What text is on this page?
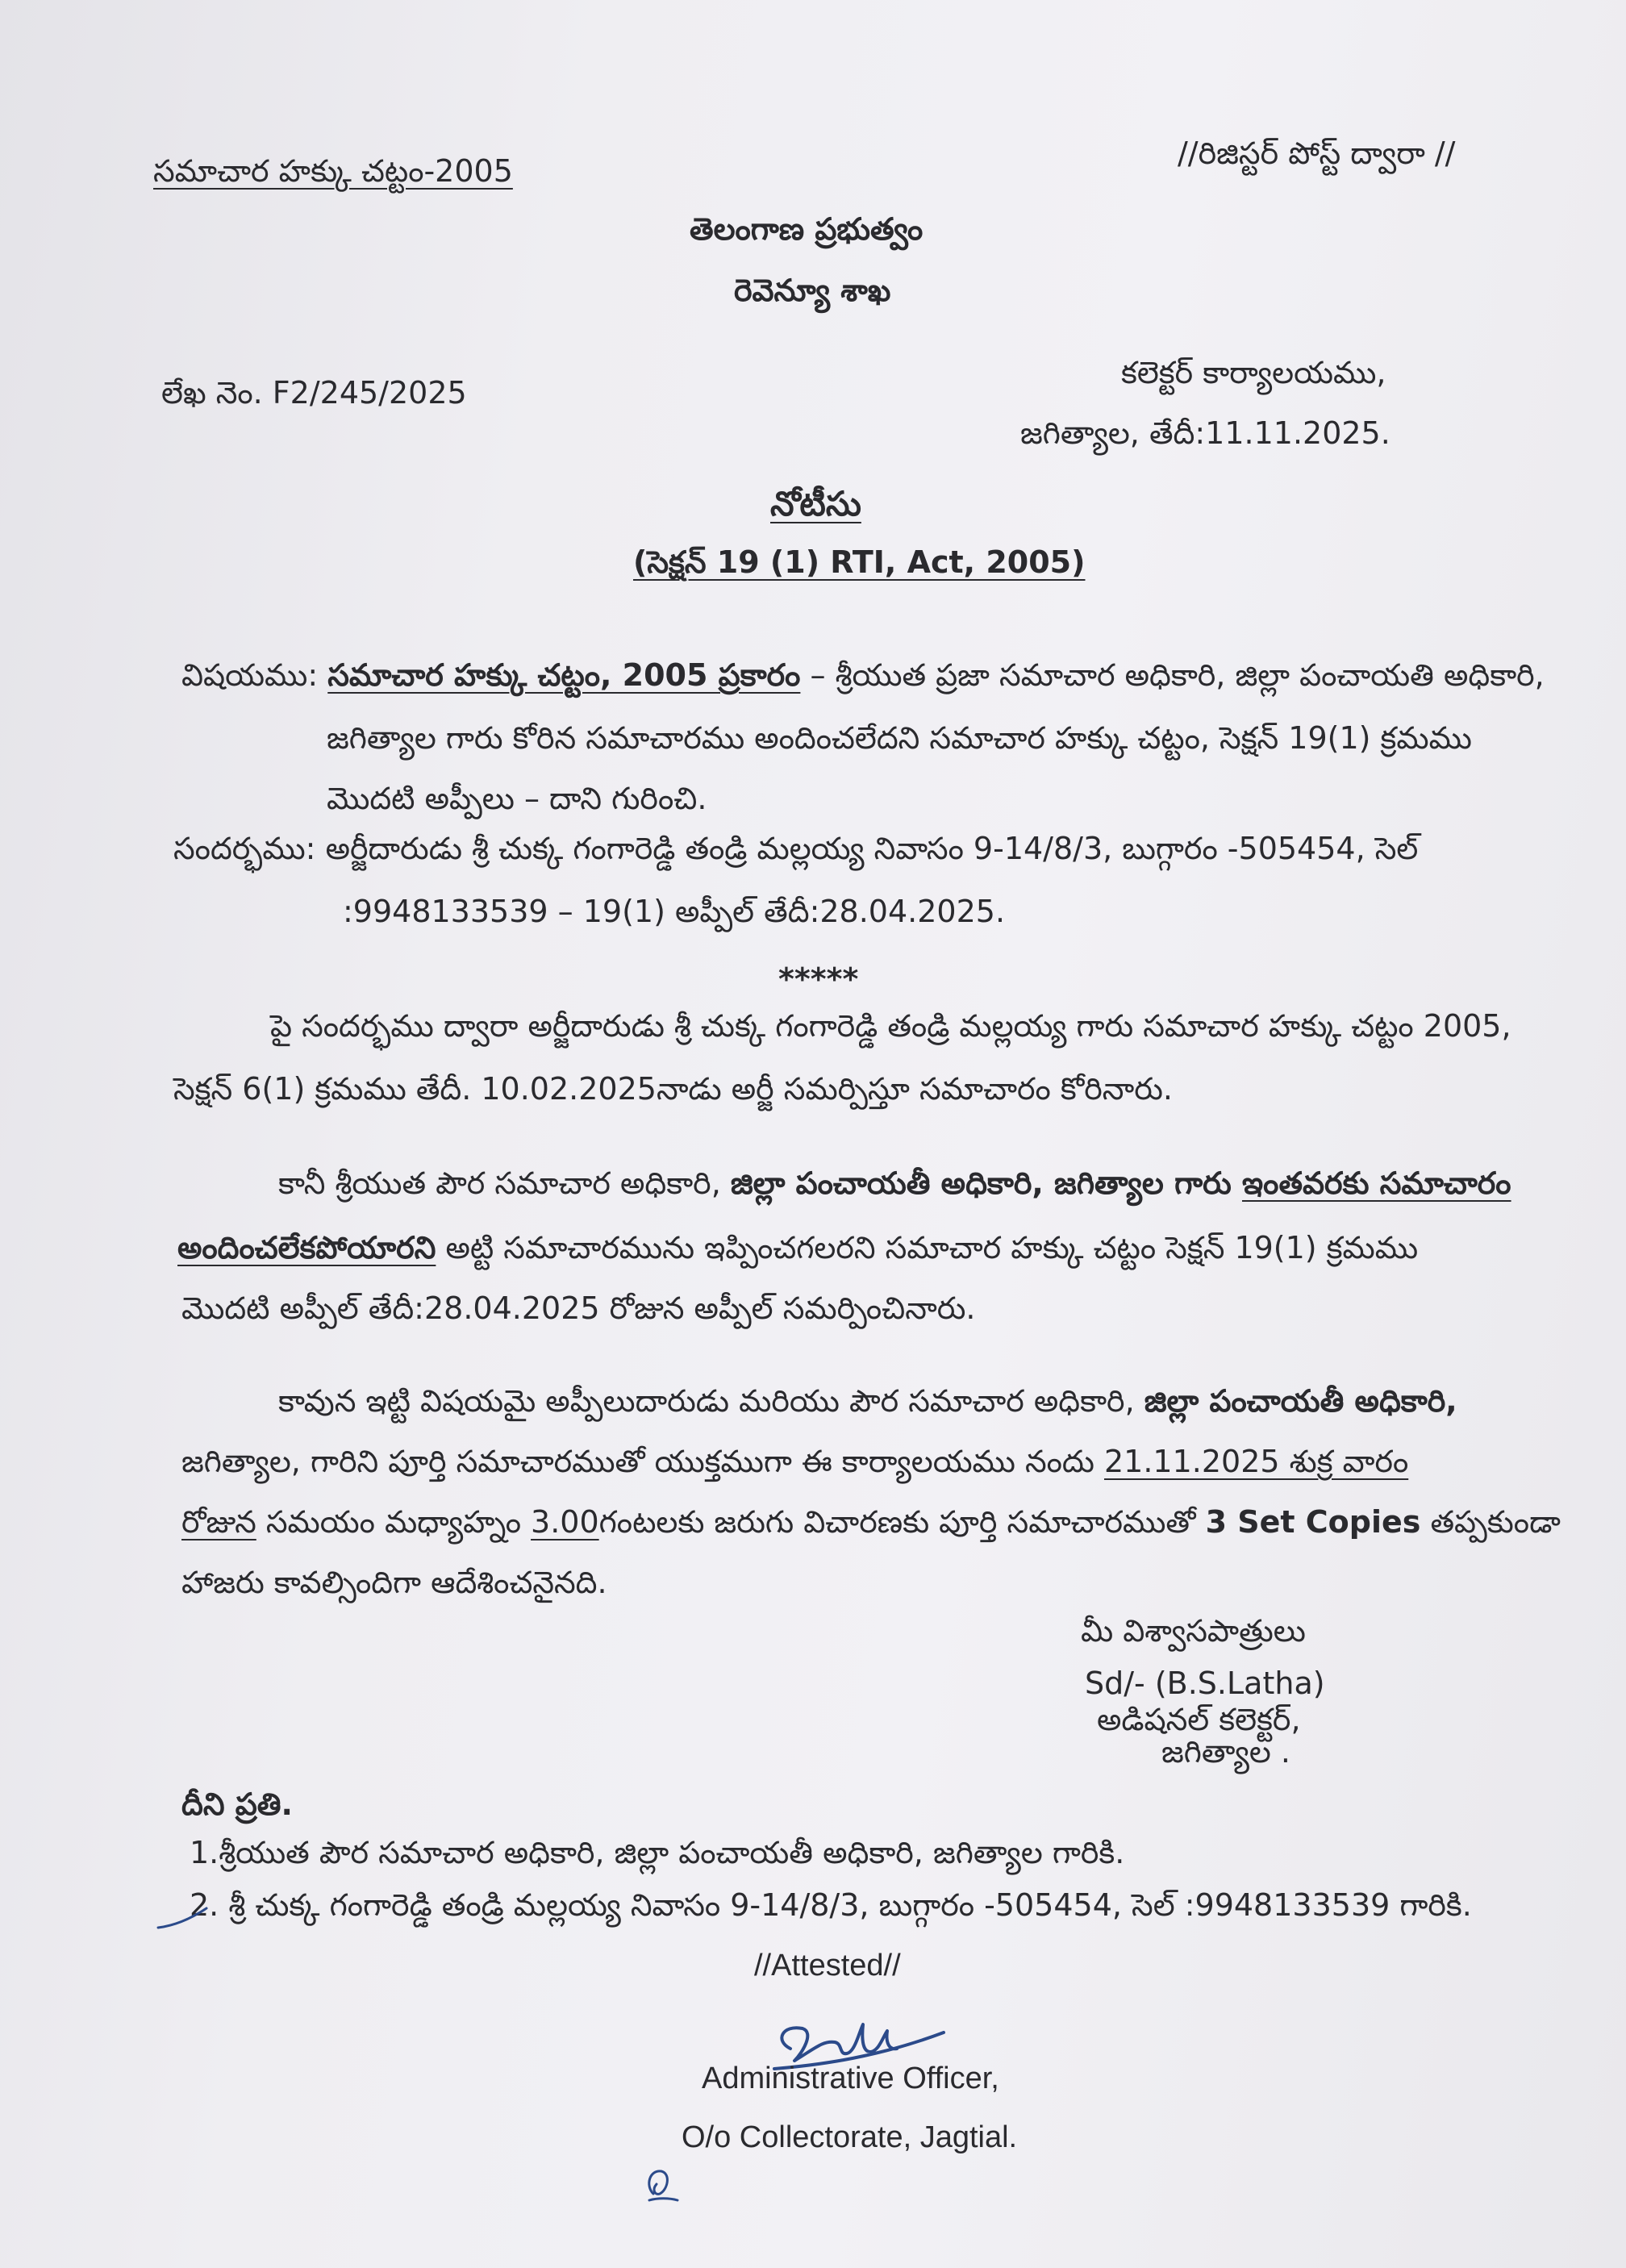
సమాచార హక్కు చట్టం-2005	//రిజిస్టర్ పోస్ట్ ద్వారా //
తెలంగాణ ప్రభుత్వం
రెవెన్యూ శాఖ
లేఖ నెం. F2/245/2025
కలెక్టర్ కార్యాలయము,
జగిత్యాల, తేదీ:11.11.2025.
నోటీసు
(సెక్షన్ 19 (1) RTI, Act, 2005)
విషయము: సమాచార హక్కు చట్టం, 2005 ప్రకారం – శ్రీయుత ప్రజా సమాచార అధికారి, జిల్లా పంచాయతి అధికారి,
జగిత్యాల గారు కోరిన సమాచారము అందించలేదని సమాచార హక్కు చట్టం, సెక్షన్ 19(1) క్రమము
మొదటి అప్పీలు – దాని గురించి.
సందర్భము: అర్జీదారుడు శ్రీ చుక్క గంగారెడ్డి తండ్రి మల్లయ్య నివాసం 9-14/8/3, బుగ్గారం -505454, సెల్
:9948133539 – 19(1) అప్పీల్ తేదీ:28.04.2025.
*****
పై సందర్భము ద్వారా అర్జీదారుడు శ్రీ చుక్క గంగారెడ్డి తండ్రి మల్లయ్య గారు సమాచార హక్కు చట్టం 2005,
సెక్షన్ 6(1) క్రమము తేదీ. 10.02.2025నాడు అర్జీ సమర్పిస్తూ సమాచారం కోరినారు.
కానీ శ్రీయుత పౌర సమాచార అధికారి, జిల్లా పంచాయతీ అధికారి, జగిత్యాల గారు ఇంతవరకు సమాచారం
అందించలేకపోయారని అట్టి సమాచారమును ఇప్పించగలరని సమాచార హక్కు చట్టం సెక్షన్ 19(1) క్రమము
మొదటి అప్పీల్ తేదీ:28.04.2025 రోజున అప్పీల్ సమర్పించినారు.
కావున ఇట్టి విషయమై అప్పీలుదారుడు మరియు పౌర సమాచార అధికారి, జిల్లా పంచాయతీ అధికారి,
జగిత్యాల, గారిని పూర్తి సమాచారముతో యుక్తముగా ఈ కార్యాలయము నందు 21.11.2025 శుక్ర వారం
రోజున సమయం మధ్యాహ్నం 3.00గంటలకు జరుగు విచారణకు పూర్తి సమాచారముతో 3 Set Copies తప్పకుండా
హాజరు కావల్సిందిగా ఆదేశించనైనది.
మీ విశ్వాసపాత్రులు
Sd/- (B.S.Latha)
అడిషనల్ కలెక్టర్,
జగిత్యాల .
దీని ప్రతి.
1.శ్రీయుత పౌర సమాచార అధికారి, జిల్లా పంచాయతీ అధికారి, జగిత్యాల గారికి.
2. శ్రీ చుక్క గంగారెడ్డి తండ్రి మల్లయ్య నివాసం 9-14/8/3, బుగ్గారం -505454, సెల్ :9948133539 గారికి.
//Attested//
Administrative Officer,
O/o Collectorate, Jagtial.
